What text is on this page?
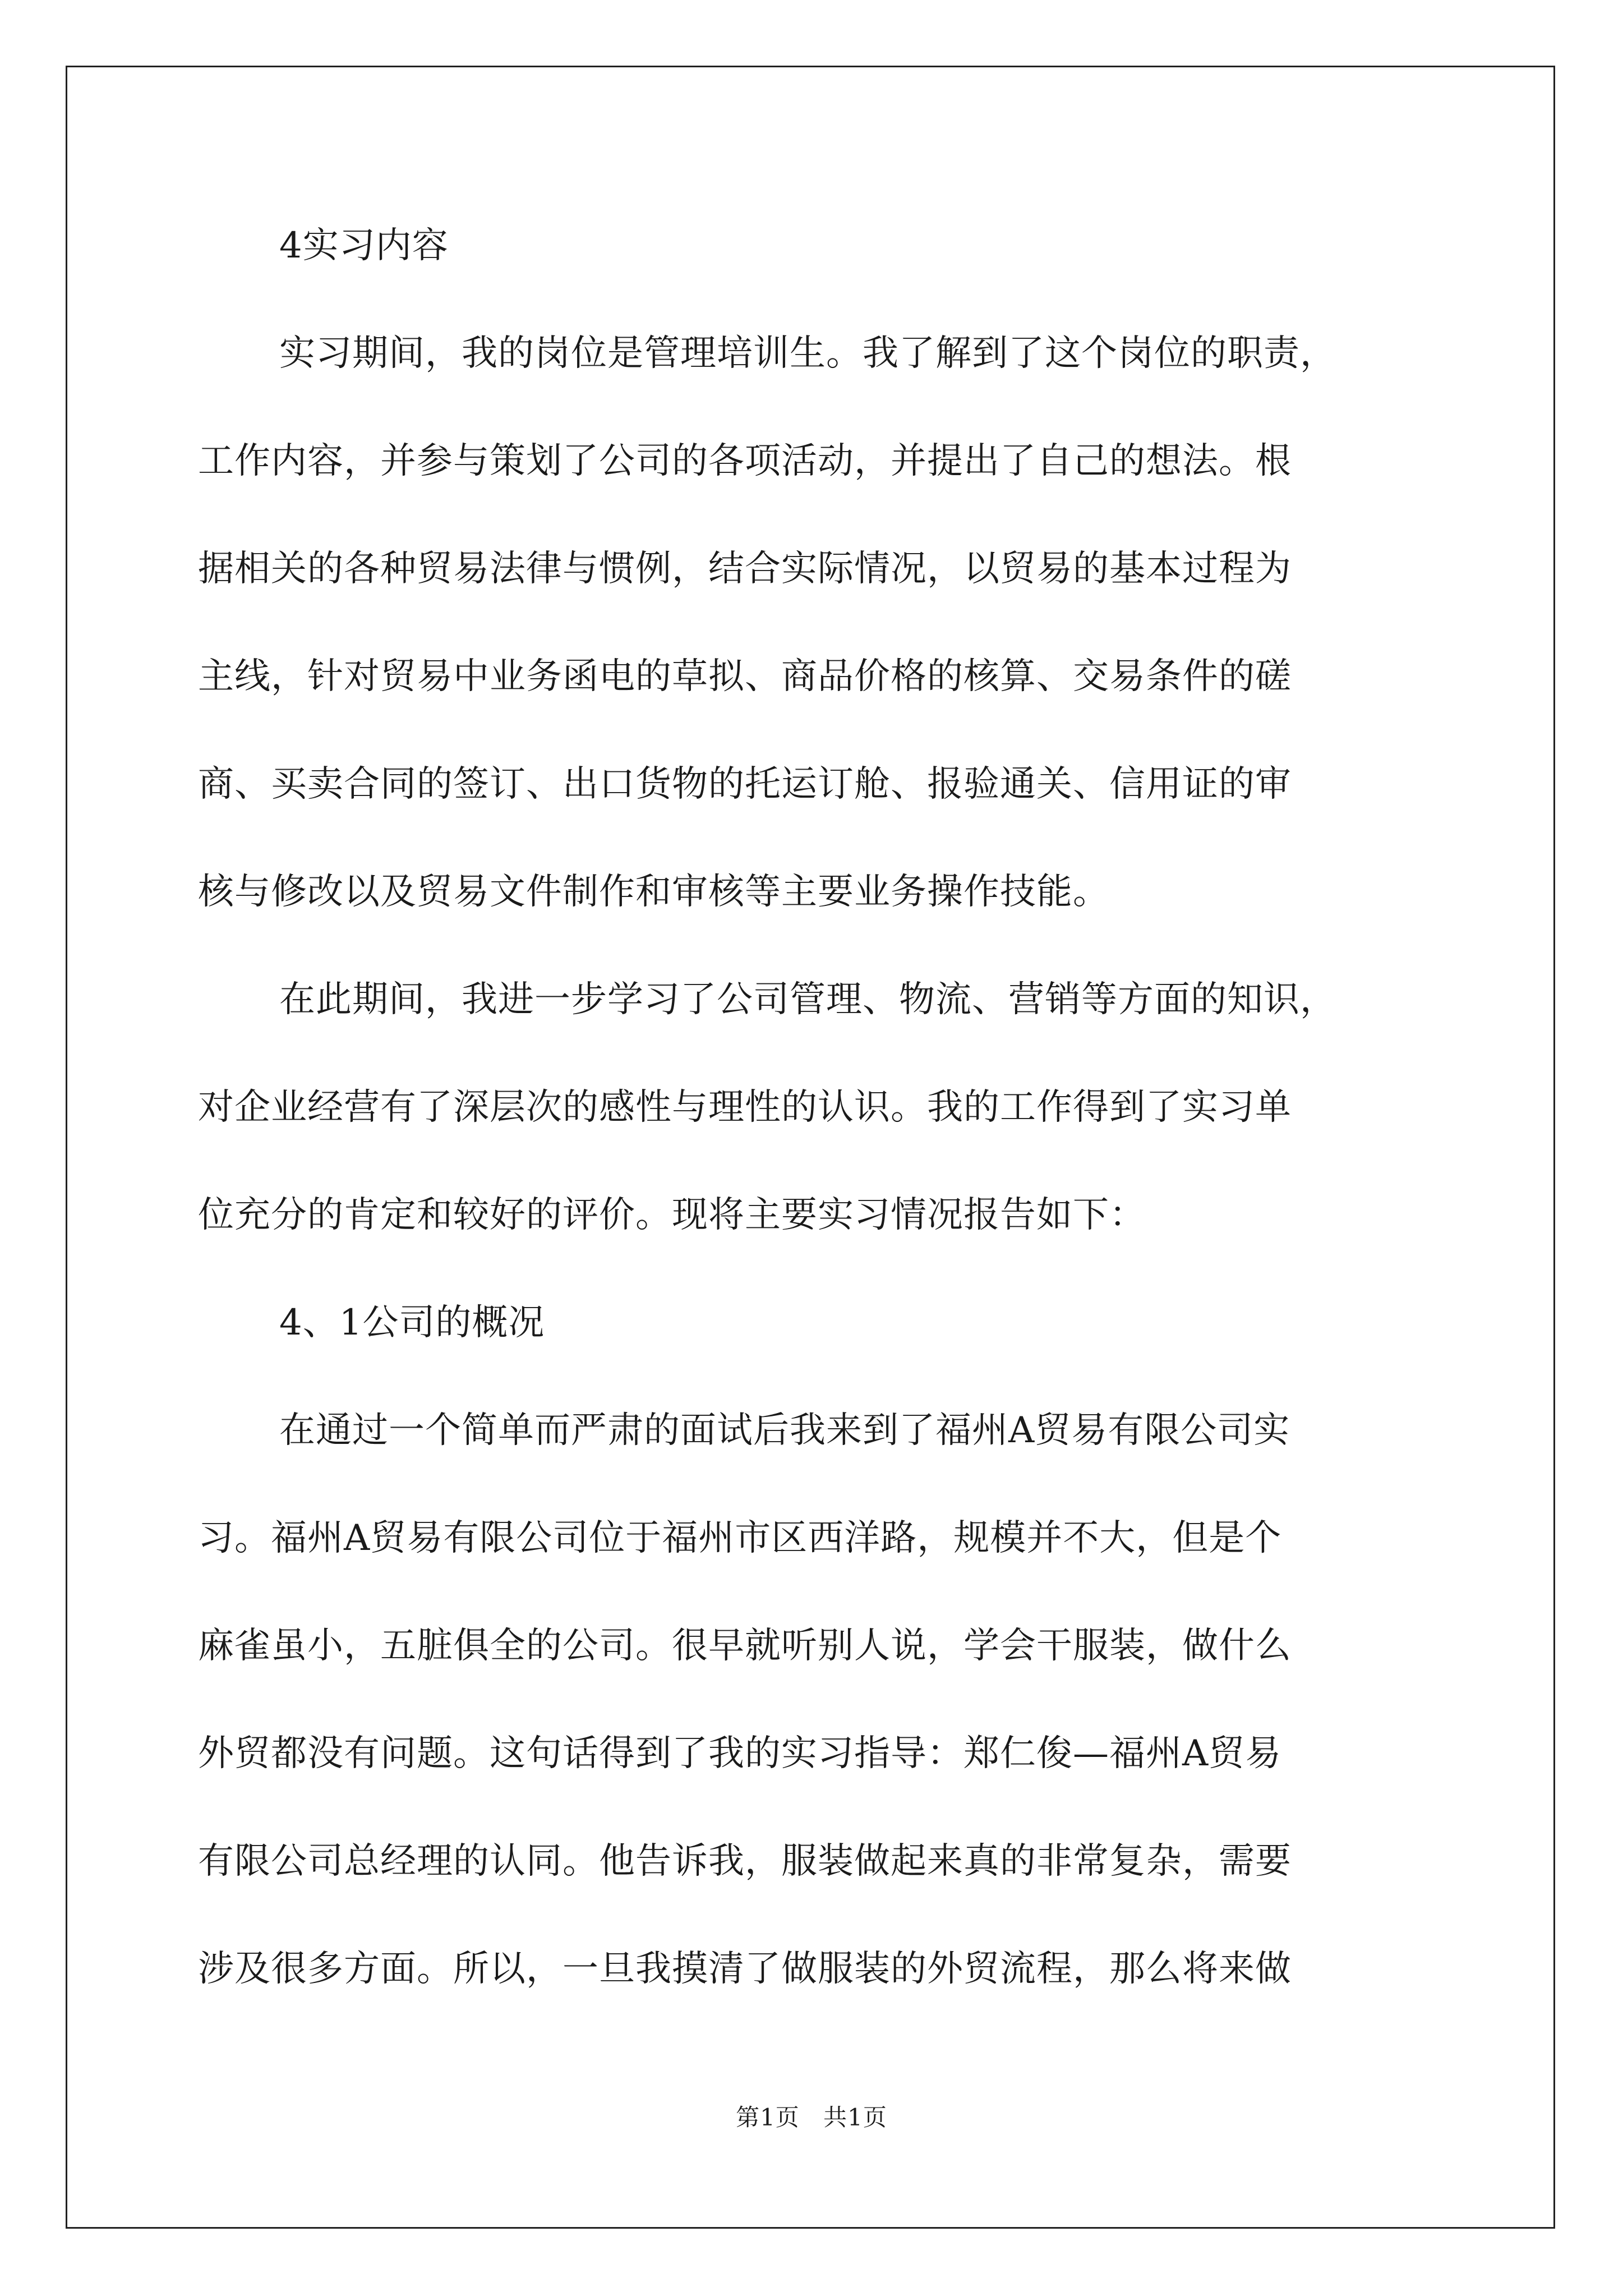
4实习内容

实习期间，我的岗位是管理培训生。我了解到了这个岗位的职责，

工作内容，并参与策划了公司的各项活动，并提出了自己的想法。根

据相关的各种贸易法律与惯例，结合实际情况，以贸易的基本过程为

主线，针对贸易中业务函电的草拟、商品价格的核算、交易条件的磋

商、买卖合同的签订、出口货物的托运订舱、报验通关、信用证的审

核与修改以及贸易文件制作和审核等主要业务操作技能。

在此期间，我进一步学习了公司管理、物流、营销等方面的知识，

对企业经营有了深层次的感性与理性的认识。我的工作得到了实习单

位充分的肯定和较好的评价。现将主要实习情况报告如下：

4、1公司的概况

在通过一个简单而严肃的面试后我来到了福州A贸易有限公司实

习。福州A贸易有限公司位于福州市区西洋路，规模并不大，但是个

麻雀虽小，五脏俱全的公司。很早就听别人说，学会干服装，做什么

外贸都没有问题。这句话得到了我的实习指导：郑仁俊—福州A贸易

有限公司总经理的认同。他告诉我，服装做起来真的非常复杂，需要

涉及很多方面。所以，一旦我摸清了做服装的外贸流程，那么将来做

第1页 共1页
